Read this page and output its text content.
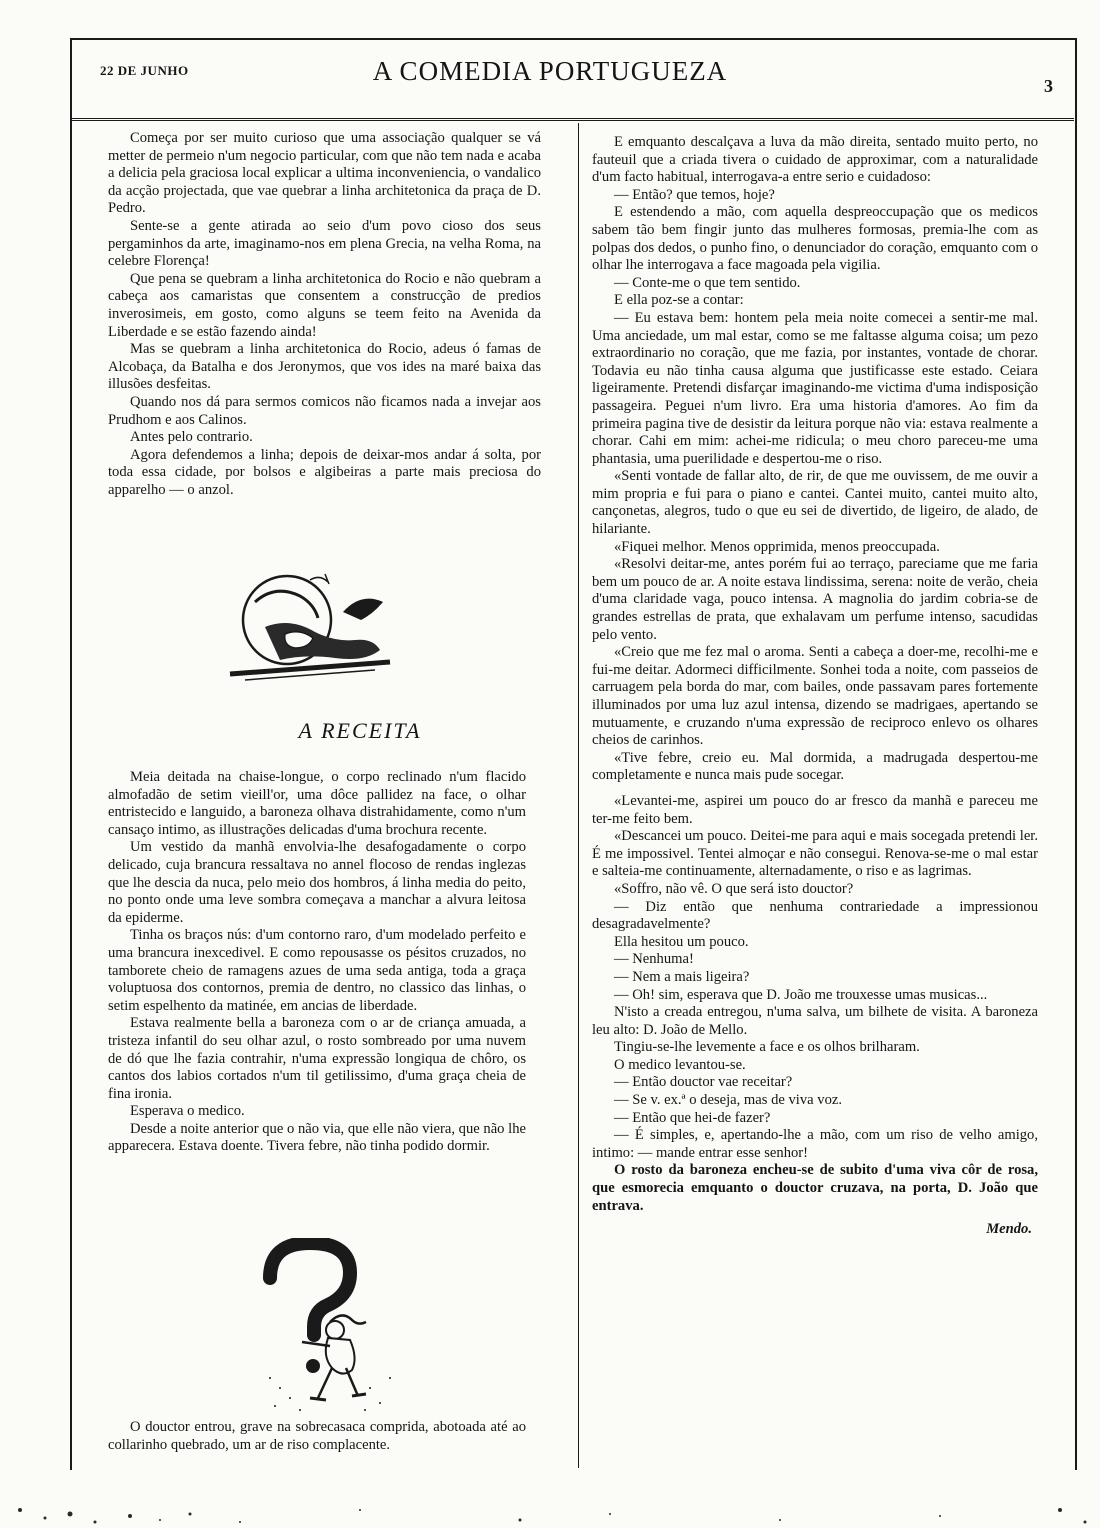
22 DE JUNHO	A COMEDIA PORTUGUEZA	3

Começa por ser muito curioso que uma associação qualquer se vá metter de permeio n'um negocio particular, com que não tem nada e acaba a delicia pela graciosa local explicar a ultima inconveniencia, o vandalico da acção projectada, que vae quebrar a linha architetonica da praça de D. Pedro.

Sente-se a gente atirada ao seio d'um povo cioso dos seus pergaminhos da arte, imaginamo-nos em plena Grecia, na velha Roma, na celebre Florença!

Que pena se quebram a linha architetonica do Rocio e não quebram a cabeça aos camaristas que consentem a construcção de predios inverosimeis, em gosto, como alguns se teem feito na Avenida da Liberdade e se estão fazendo ainda!

Mas se quebram a linha architetonica do Rocio, adeus ó famas de Alcobaça, da Batalha e dos Jeronymos, que vos ides na maré baixa das illusões desfeitas.

Quando nos dá para sermos comicos não ficamos nada a invejar aos Prudhom e aos Calinos.

Antes pelo contrario.

Agora defendemos a linha; depois de deixar-mos andar á solta, por toda essa cidade, por bolsos e algibeiras a parte mais preciosa do apparelho — o anzol.

A RECEITA

Meia deitada na chaise-longue, o corpo reclinado n'um flacido almofadão de setim vieill'or, uma dôce pallidez na face, o olhar entristecido e languido, a baroneza olhava distrahidamente, como n'um cansaço intimo, as illustrações delicadas d'uma brochura recente.

Um vestido da manhã envolvia-lhe desafogadamente o corpo delicado, cuja brancura ressaltava no annel flocoso de rendas inglezas que lhe descia da nuca, pelo meio dos hombros, á linha media do peito, no ponto onde uma leve sombra começava a manchar a alvura leitosa da epiderme.

Tinha os braços nús: d'um contorno raro, d'um modelado perfeito e uma brancura inexcedivel. E como repousasse os pésitos cruzados, no tamborete cheio de ramagens azues de uma seda antiga, toda a graça voluptuosa dos contornos, premia de dentro, no classico das linhas, o setim espelhento da matinée, em ancias de liberdade.

Estava realmente bella a baroneza com o ar de criança amuada, a tristeza infantil do seu olhar azul, o rosto sombreado por uma nuvem de dó que lhe fazia contrahir, n'uma expressão longiqua de chôro, os cantos dos labios cortados n'um til getilissimo, d'uma graça cheia de fina ironia.

Esperava o medico.

Desde a noite anterior que o não via, que elle não viera, que não lhe apparecera. Estava doente. Tivera febre, não tinha podido dormir.

O douctor entrou, grave na sobrecasaca comprida, abotoada até ao collarinho quebrado, um ar de riso complacente.

E emquanto descalçava a luva da mão direita, sentado muito perto, no fauteuil que a criada tivera o cuidado de approximar, com a naturalidade d'um facto habitual, interrogava-a entre serio e cuidadoso:

— Então? que temos, hoje?

E estendendo a mão, com aquella despreoccupação que os medicos sabem tão bem fingir junto das mulheres formosas, premia-lhe com as polpas dos dedos, o punho fino, o denunciador do coração, emquanto com o olhar lhe interrogava a face magoada pela vigilia.

— Conte-me o que tem sentido.

E ella poz-se a contar:

— Eu estava bem: hontem pela meia noite comecei a sentir-me mal. Uma anciedade, um mal estar, como se me faltasse alguma coisa; um pezo extraordinario no coração, que me fazia, por instantes, vontade de chorar. Todavia eu não tinha causa alguma que justificasse este estado. Ceiara ligeiramente. Pretendi disfarçar imaginando-me victima d'uma indisposição passageira. Peguei n'um livro. Era uma historia d'amores. Ao fim da primeira pagina tive de desistir da leitura porque não via: estava realmente a chorar. Cahi em mim: achei-me ridicula; o meu choro pareceu-me uma phantasia, uma puerilidade e despertou-me o riso.

«Senti vontade de fallar alto, de rir, de que me ouvissem, de me ouvir a mim propria e fui para o piano e cantei. Cantei muito, cantei muito alto, cançonetas, alegros, tudo o que eu sei de divertido, de ligeiro, de alado, de hilariante.

«Fiquei melhor. Menos opprimida, menos preoccupada.

«Resolvi deitar-me, antes porém fui ao terraço, pareciame que me faria bem um pouco de ar. A noite estava lindissima, serena: noite de verão, cheia d'uma claridade vaga, pouco intensa. A magnolia do jardim cobria-se de grandes estrellas de prata, que exhalavam um perfume intenso, sacudidas pelo vento.

«Creio que me fez mal o aroma. Senti a cabeça a doer-me, recolhi-me e fui-me deitar. Adormeci difficilmente. Sonhei toda a noite, com passeios de carruagem pela borda do mar, com bailes, onde passavam pares fortemente illuminados por uma luz azul intensa, dizendo se madrigaes, apertando se mutuamente, e cruzando n'uma expressão de reciproco enlevo os olhares cheios de carinhos.

«Tive febre, creio eu. Mal dormida, a madrugada despertou-me completamente e nunca mais pude socegar.

«Levantei-me, aspirei um pouco do ar fresco da manhã e pareceu me ter-me feito bem.

«Descancei um pouco. Deitei-me para aqui e mais socegada pretendi ler. É me impossivel. Tentei almoçar e não consegui. Renova-se-me o mal estar e salteia-me continuamente, alternadamente, o riso e as lagrimas.

«Soffro, não vê. O que será isto douctor?

— Diz então que nenhuma contrariedade a impressionou desagradavelmente?

Ella hesitou um pouco.

— Nenhuma!

— Nem a mais ligeira?

— Oh! sim, esperava que D. João me trouxesse umas musicas...

N'isto a creada entregou, n'uma salva, um bilhete de visita. A baroneza leu alto: D. João de Mello.

Tingiu-se-lhe levemente a face e os olhos brilharam.

O medico levantou-se.

— Então douctor vae receitar?

— Se v. ex.ª o deseja, mas de viva voz.

— Então que hei-de fazer?

— É simples, e, apertando-lhe a mão, com um riso de velho amigo, intimo: — mande entrar esse senhor!

O rosto da baroneza encheu-se de subito d'uma viva côr de rosa, que esmorecia emquanto o douctor cruzava, na porta, D. João que entrava.

Mendo.
